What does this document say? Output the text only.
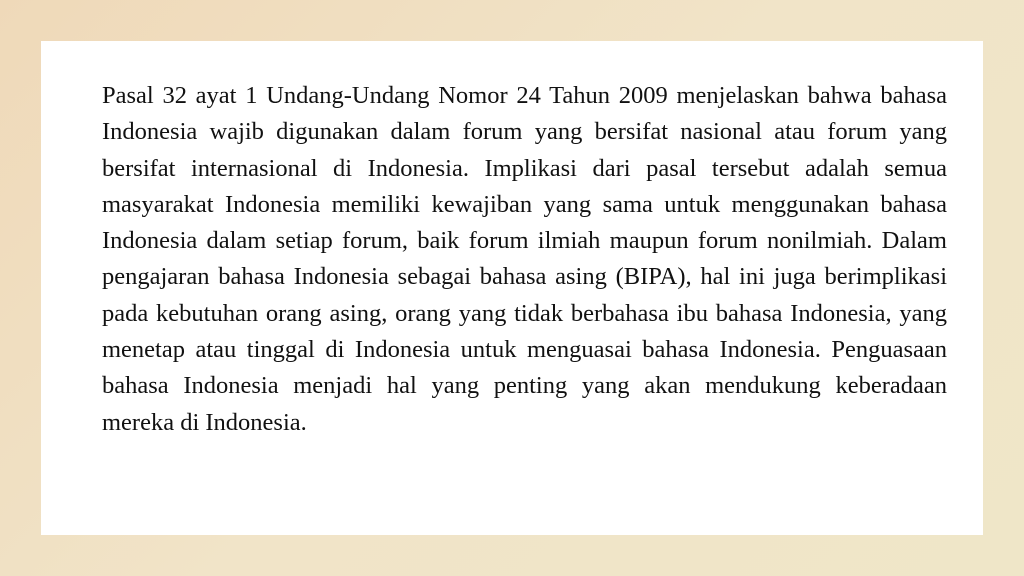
Pasal 32 ayat 1 Undang-Undang Nomor 24 Tahun 2009 menjelaskan bahwa bahasa Indonesia wajib digunakan dalam forum yang bersifat nasional atau forum yang bersifat internasional di Indonesia. Implikasi dari pasal tersebut adalah semua masyarakat Indonesia memiliki kewajiban yang sama untuk menggunakan bahasa Indonesia dalam setiap forum, baik forum ilmiah maupun forum nonilmiah. Dalam pengajaran bahasa Indonesia sebagai bahasa asing (BIPA), hal ini juga berimplikasi pada kebutuhan orang asing, orang yang tidak berbahasa ibu bahasa Indonesia, yang menetap atau tinggal di Indonesia untuk menguasai bahasa Indonesia. Penguasaan bahasa Indonesia menjadi hal yang penting yang akan mendukung keberadaan mereka di Indonesia.
